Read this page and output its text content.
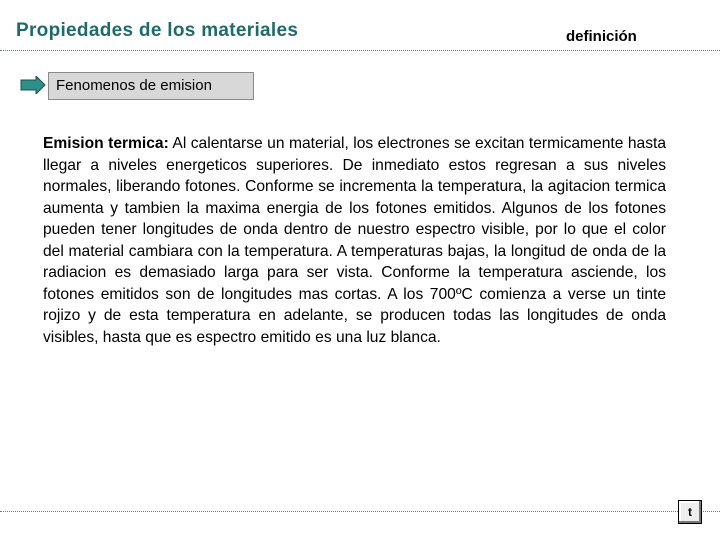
Propiedades de los materiales	definición
Fenomenos de emision
Emision termica: Al calentarse un material, los electrones se excitan termicamente hasta llegar a niveles energeticos superiores. De inmediato estos regresan a sus niveles normales, liberando fotones. Conforme se incrementa la temperatura, la agitacion termica aumenta y tambien la maxima energia de los fotones emitidos. Algunos de los fotones pueden tener longitudes de onda dentro de nuestro espectro visible, por lo que el color del material cambiara con la temperatura. A temperaturas bajas, la longitud de onda de la radiacion es demasiado larga para ser vista. Conforme la temperatura asciende, los fotones emitidos son de longitudes mas cortas. A los 700ºC comienza a verse un tinte rojizo y de esta temperatura en adelante, se producen todas las longitudes de onda visibles, hasta que es espectro emitido es una luz blanca.
t
